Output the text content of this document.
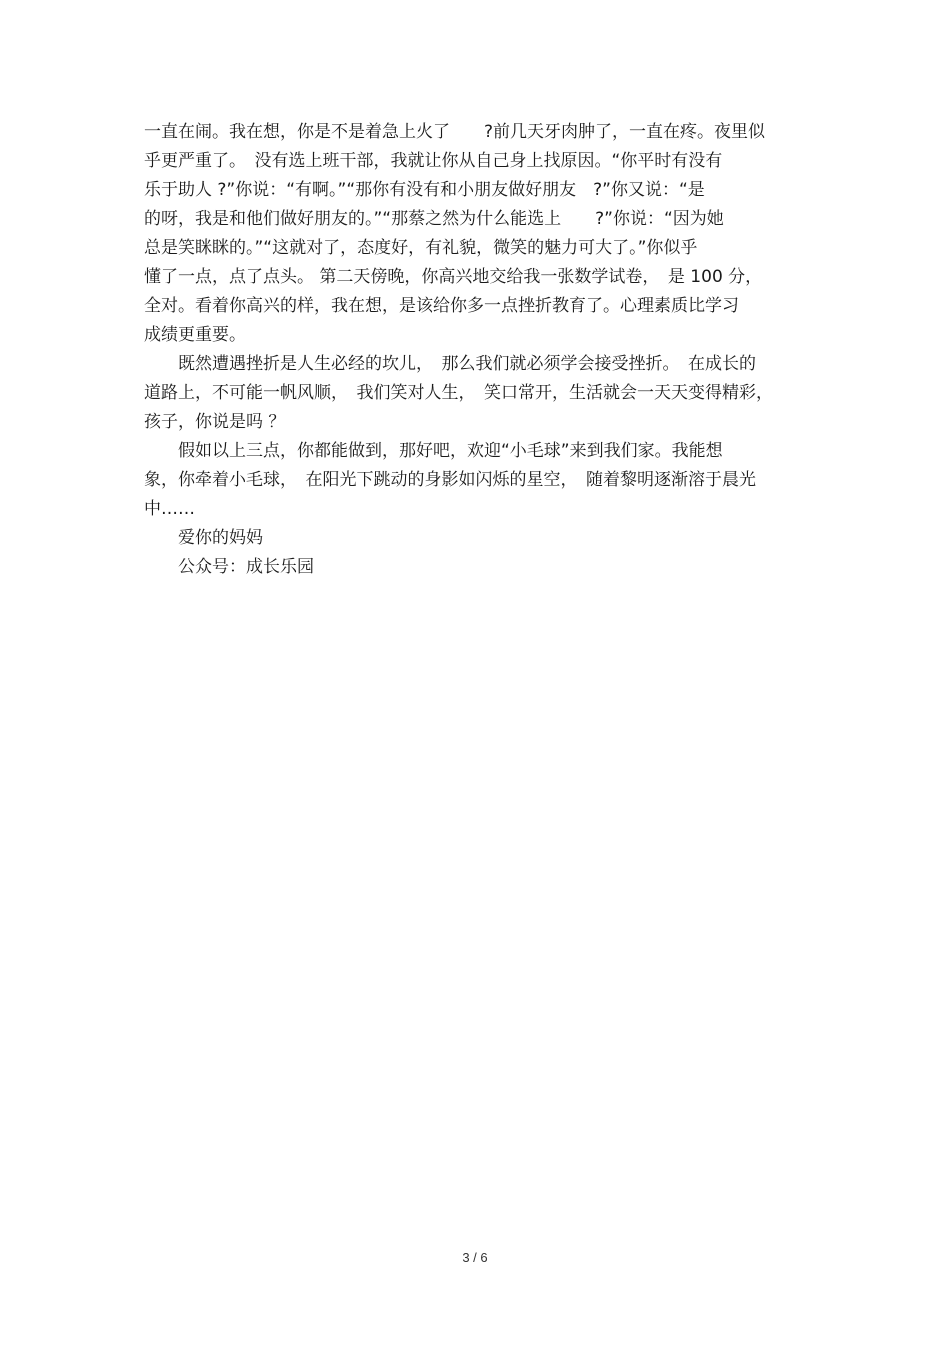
一直在闹。我在想，你是不是着急上火了　　?前几天牙肉肿了，一直在疼。夜里似
乎更严重了。　没有选上班干部，我就让你从自己身上找原因。“你平时有没有
乐于助人 ?”你说：“有啊。”“那你有没有和小朋友做好朋友　?”你又说：“是
的呀，我是和他们做好朋友的。”“那蔡之然为什么能选上　　?”你说：“因为她
总是笑眯眯的。”“这就对了，态度好，有礼貌，微笑的魅力可大了。”你似乎
懂了一点，点了点头。 第二天傍晚，你高兴地交给我一张数学试卷，　是 100 分，
全对。看着你高兴的样，我在想，是该给你多一点挫折教育了。心理素质比学习
成绩更重要。
　　既然遭遇挫折是人生必经的坎儿，　那么我们就必须学会接受挫折。　在成长的
道路上，不可能一帆风顺，　我们笑对人生，　笑口常开，生活就会一天天变得精彩，
孩子，你说是吗 ？
　　假如以上三点，你都能做到，那好吧，欢迎“小毛球”来到我们家。我能想
象，你牵着小毛球，　在阳光下跳动的身影如闪烁的星空，　随着黎明逐渐溶于晨光
中……
　　爱你的妈妈
　　公众号：成长乐园
3 / 6
